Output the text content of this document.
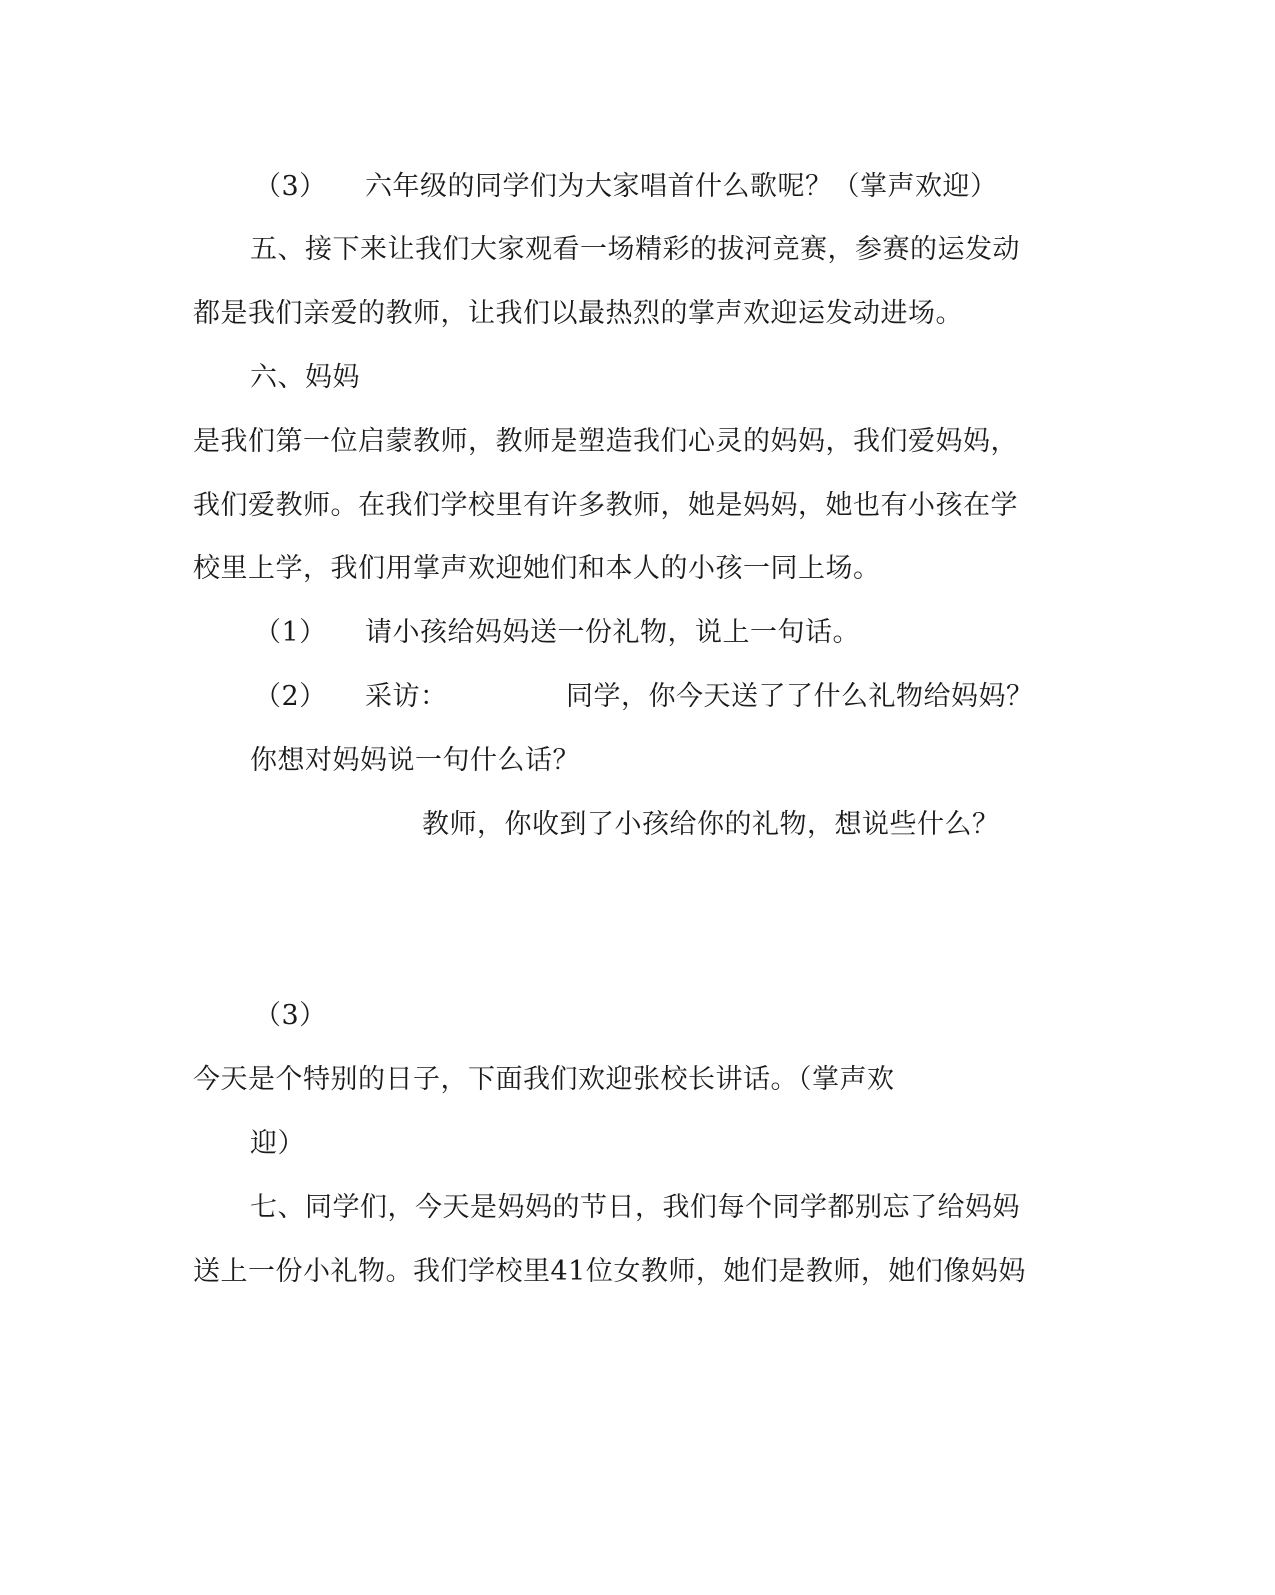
（3） 六年级的同学们为大家唱首什么歌呢？（掌声欢迎）
五、接下来让我们大家观看一场精彩的拔河竞赛，参赛的运发动
都是我们亲爱的教师，让我们以最热烈的掌声欢迎运发动进场。
六、妈妈
是我们第一位启蒙教师，教师是塑造我们心灵的妈妈，我们爱妈妈，
我们爱教师。在我们学校里有许多教师，她是妈妈，她也有小孩在学
校里上学，我们用掌声欢迎她们和本人的小孩一同上场。
（1） 请小孩给妈妈送一份礼物，说上一句话。
（2） 采访：	同学，你今天送了了什么礼物给妈妈？
你想对妈妈说一句什么话？
教师，你收到了小孩给你的礼物，想说些什么？
（3）
今天是个特别的日子，下面我们欢迎张校长讲话。（掌声欢
迎）
七、同学们，今天是妈妈的节日，我们每个同学都别忘了给妈妈
送上一份小礼物。我们学校里41位女教师，她们是教师，她们像妈妈
